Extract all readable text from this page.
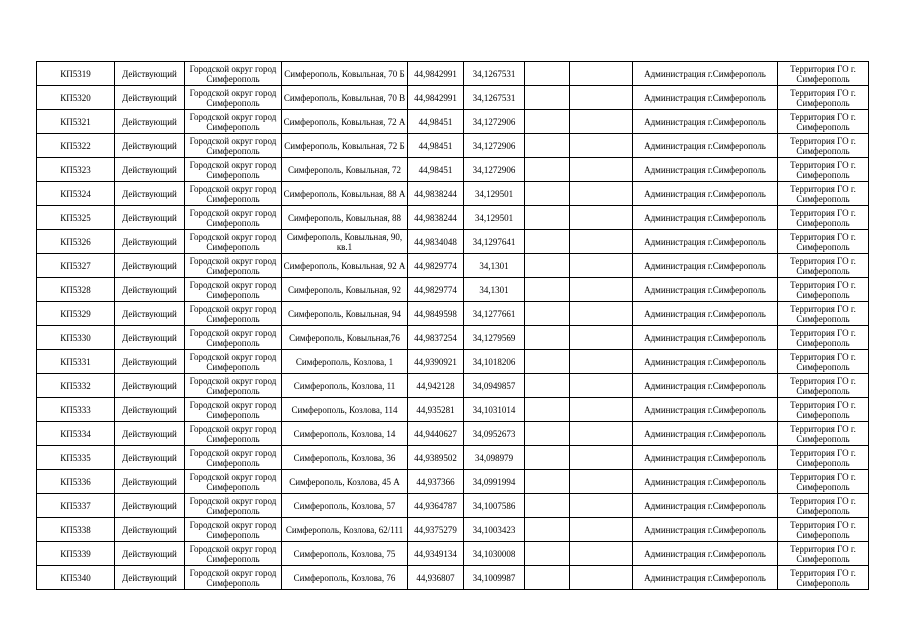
КП5319	Действующий	Городской округ город Симферополь	Симферополь, Ковыльная, 70 Б	44,9842991	34,1267531			Администрация г.Симферополь	Территория ГО г. Симферополь
КП5320	Действующий	Городской округ город Симферополь	Симферополь, Ковыльная, 70 В	44,9842991	34,1267531			Администрация г.Симферополь	Территория ГО г. Симферополь
КП5321	Действующий	Городской округ город Симферополь	Симферополь, Ковыльная, 72 А	44,98451	34,1272906			Администрация г.Симферополь	Территория ГО г. Симферополь
КП5322	Действующий	Городской округ город Симферополь	Симферополь, Ковыльная, 72 Б	44,98451	34,1272906			Администрация г.Симферополь	Территория ГО г. Симферополь
КП5323	Действующий	Городской округ город Симферополь	Симферополь, Ковыльная, 72	44,98451	34,1272906			Администрация г.Симферополь	Территория ГО г. Симферополь
КП5324	Действующий	Городской округ город Симферополь	Симферополь, Ковыльная, 88 А	44,9838244	34,129501			Администрация г.Симферополь	Территория ГО г. Симферополь
КП5325	Действующий	Городской округ город Симферополь	Симферополь, Ковыльная, 88	44,9838244	34,129501			Администрация г.Симферополь	Территория ГО г. Симферополь
КП5326	Действующий	Городской округ город Симферополь	Симферополь, Ковыльная, 90, кв.1	44,9834048	34,1297641			Администрация г.Симферополь	Территория ГО г. Симферополь
КП5327	Действующий	Городской округ город Симферополь	Симферополь, Ковыльная, 92 А	44,9829774	34,1301			Администрация г.Симферополь	Территория ГО г. Симферополь
КП5328	Действующий	Городской округ город Симферополь	Симферополь, Ковыльная, 92	44,9829774	34,1301			Администрация г.Симферополь	Территория ГО г. Симферополь
КП5329	Действующий	Городской округ город Симферополь	Симферополь, Ковыльная, 94	44,9849598	34,1277661			Администрация г.Симферополь	Территория ГО г. Симферополь
КП5330	Действующий	Городской округ город Симферополь	Симферополь, Ковыльная,76	44,9837254	34,1279569			Администрация г.Симферополь	Территория ГО г. Симферополь
КП5331	Действующий	Городской округ город Симферополь	Симферополь, Козлова, 1	44,9390921	34,1018206			Администрация г.Симферополь	Территория ГО г. Симферополь
КП5332	Действующий	Городской округ город Симферополь	Симферополь, Козлова, 11	44,942128	34,0949857			Администрация г.Симферополь	Территория ГО г. Симферополь
КП5333	Действующий	Городской округ город Симферополь	Симферополь, Козлова, 114	44,935281	34,1031014			Администрация г.Симферополь	Территория ГО г. Симферополь
КП5334	Действующий	Городской округ город Симферополь	Симферополь, Козлова, 14	44,9440627	34,0952673			Администрация г.Симферополь	Территория ГО г. Симферополь
КП5335	Действующий	Городской округ город Симферополь	Симферополь, Козлова, 36	44,9389502	34,098979			Администрация г.Симферополь	Территория ГО г. Симферополь
КП5336	Действующий	Городской округ город Симферополь	Симферополь, Козлова, 45 А	44,937366	34,0991994			Администрация г.Симферополь	Территория ГО г. Симферополь
КП5337	Действующий	Городской округ город Симферополь	Симферополь, Козлова, 57	44,9364787	34,1007586			Администрация г.Симферополь	Территория ГО г. Симферополь
КП5338	Действующий	Городской округ город Симферополь	Симферополь, Козлова, 62/111	44,9375279	34,1003423			Администрация г.Симферополь	Территория ГО г. Симферополь
КП5339	Действующий	Городской округ город Симферополь	Симферополь, Козлова, 75	44,9349134	34,1030008			Администрация г.Симферополь	Территория ГО г. Симферополь
КП5340	Действующий	Городской округ город Симферополь	Симферополь, Козлова, 76	44,936807	34,1009987			Администрация г.Симферополь	Территория ГО г. Симферополь
